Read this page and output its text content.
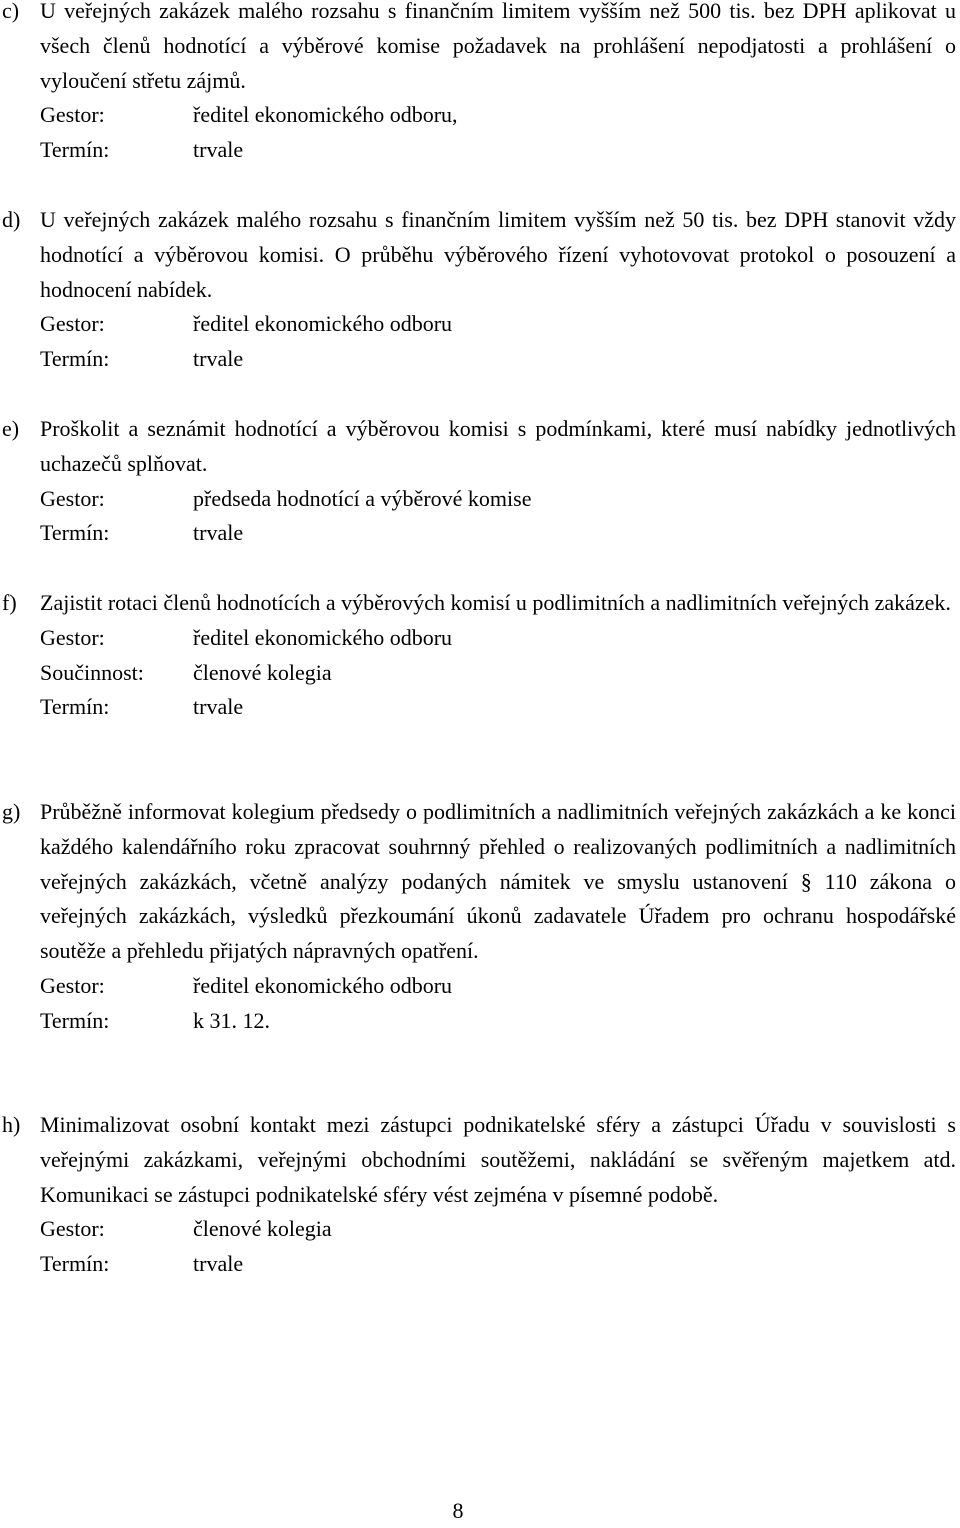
c) U veřejných zakázek malého rozsahu s finančním limitem vyšším než 500 tis. bez DPH aplikovat u všech členů hodnotící a výběrové komise požadavek na prohlášení nepodjatosti a prohlášení o vyloučení střetu zájmů.
Gestor:	ředitel ekonomického odboru,
Termín:	trvale
d) U veřejných zakázek malého rozsahu s finančním limitem vyšším než 50 tis. bez DPH stanovit vždy hodnotící a výběrovou komisi. O průběhu výběrového řízení vyhotovovat protokol o posouzení a hodnocení nabídek.
Gestor:	ředitel ekonomického odboru
Termín:	trvale
e) Proškolit a seznámit hodnotící a výběrovou komisi s podmínkami, které musí nabídky jednotlivých uchazečů splňovat.
Gestor:	předseda hodnotící a výběrové komise
Termín:	trvale
f) Zajistit rotaci členů hodnotících a výběrových komisí u podlimitních a nadlimitních veřejných zakázek.
Gestor:	ředitel ekonomického odboru
Součinnost: členové kolegia
Termín:	trvale
g) Průběžně informovat kolegium předsedy o podlimitních a nadlimitních veřejných zakázkách a ke konci každého kalendářního roku zpracovat souhrnný přehled o realizovaných podlimitních a nadlimitních veřejných zakázkách, včetně analýzy podaných námitek ve smyslu ustanovení § 110 zákona o veřejných zakázkách, výsledků přezkoumání úkonů zadavatele Úřadem pro ochranu hospodářské soutěže a přehledu přijatých nápravných opatření.
Gestor:	ředitel ekonomického odboru
Termín:	k 31. 12.
h) Minimalizovat osobní kontakt mezi zástupci podnikatelské sféry a zástupci Úřadu v souvislosti s veřejnými zakázkami, veřejnými obchodními soutěžemi, nakládání se svěřeným majetkem atd. Komunikaci se zástupci podnikatelské sféry vést zejména v písemné podobě.
Gestor:	členové kolegia
Termín:	trvale
8
